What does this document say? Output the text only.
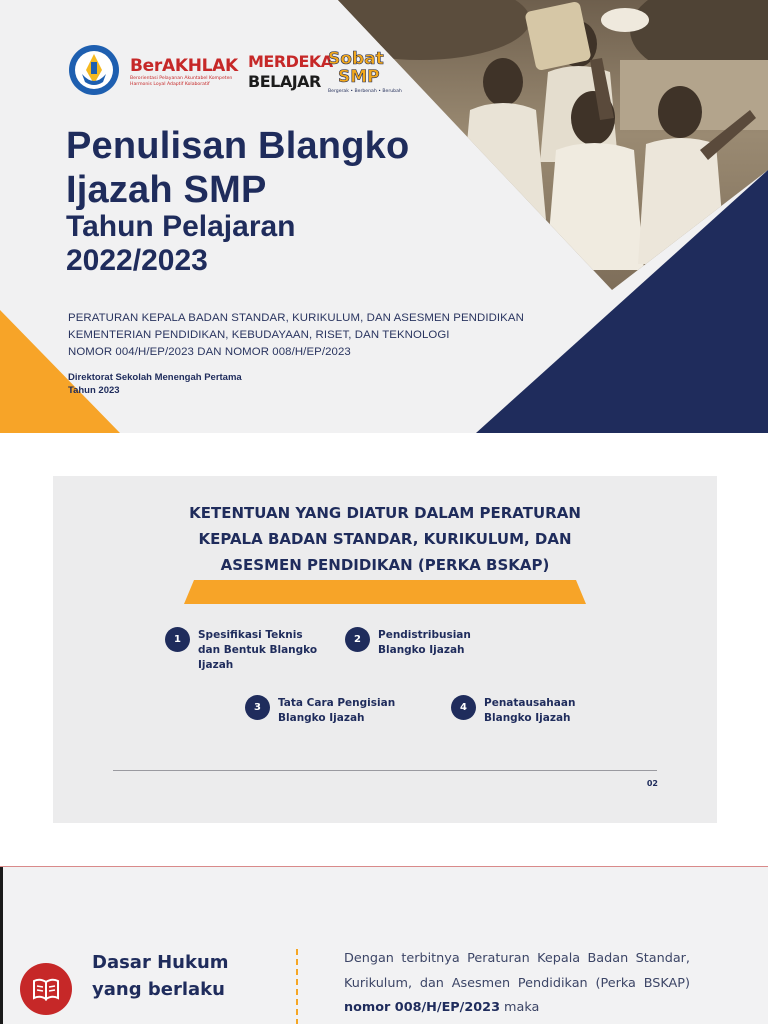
BerAKHLAK
Berorientasi Pelayanan Akuntabel Kompeten
Harmonis Loyal Adaptif Kolaboratif
MERDEKA
BELAJAR
Sobat
SMP
Bergerak • Berbenah • Berubah
Penulisan Blangko
Ijazah SMP
Tahun Pelajaran
2022/2023
PERATURAN KEPALA BADAN STANDAR, KURIKULUM, DAN ASESMEN PENDIDIKAN
KEMENTERIAN PENDIDIKAN, KEBUDAYAAN, RISET, DAN TEKNOLOGI
NOMOR 004/H/EP/2023 DAN NOMOR 008/H/EP/2023
Direktorat Sekolah Menengah Pertama
Tahun 2023
KETENTUAN YANG DIATUR DALAM PERATURAN
KEPALA BADAN STANDAR, KURIKULUM, DAN
ASESMEN PENDIDIKAN (PERKA BSKAP)
1	Spesifikasi Teknis
dan Bentuk Blangko
Ijazah
2	Pendistribusian
Blangko Ijazah
3	Tata Cara Pengisian
Blangko Ijazah
4	Penatausahaan
Blangko Ijazah
02
Dasar Hukum
yang berlaku

Dengan terbitnya Peraturan Kepala Badan Standar, Kurikulum, dan Asesmen Pendidikan (Perka BSKAP) nomor 008/H/EP/2023 maka
